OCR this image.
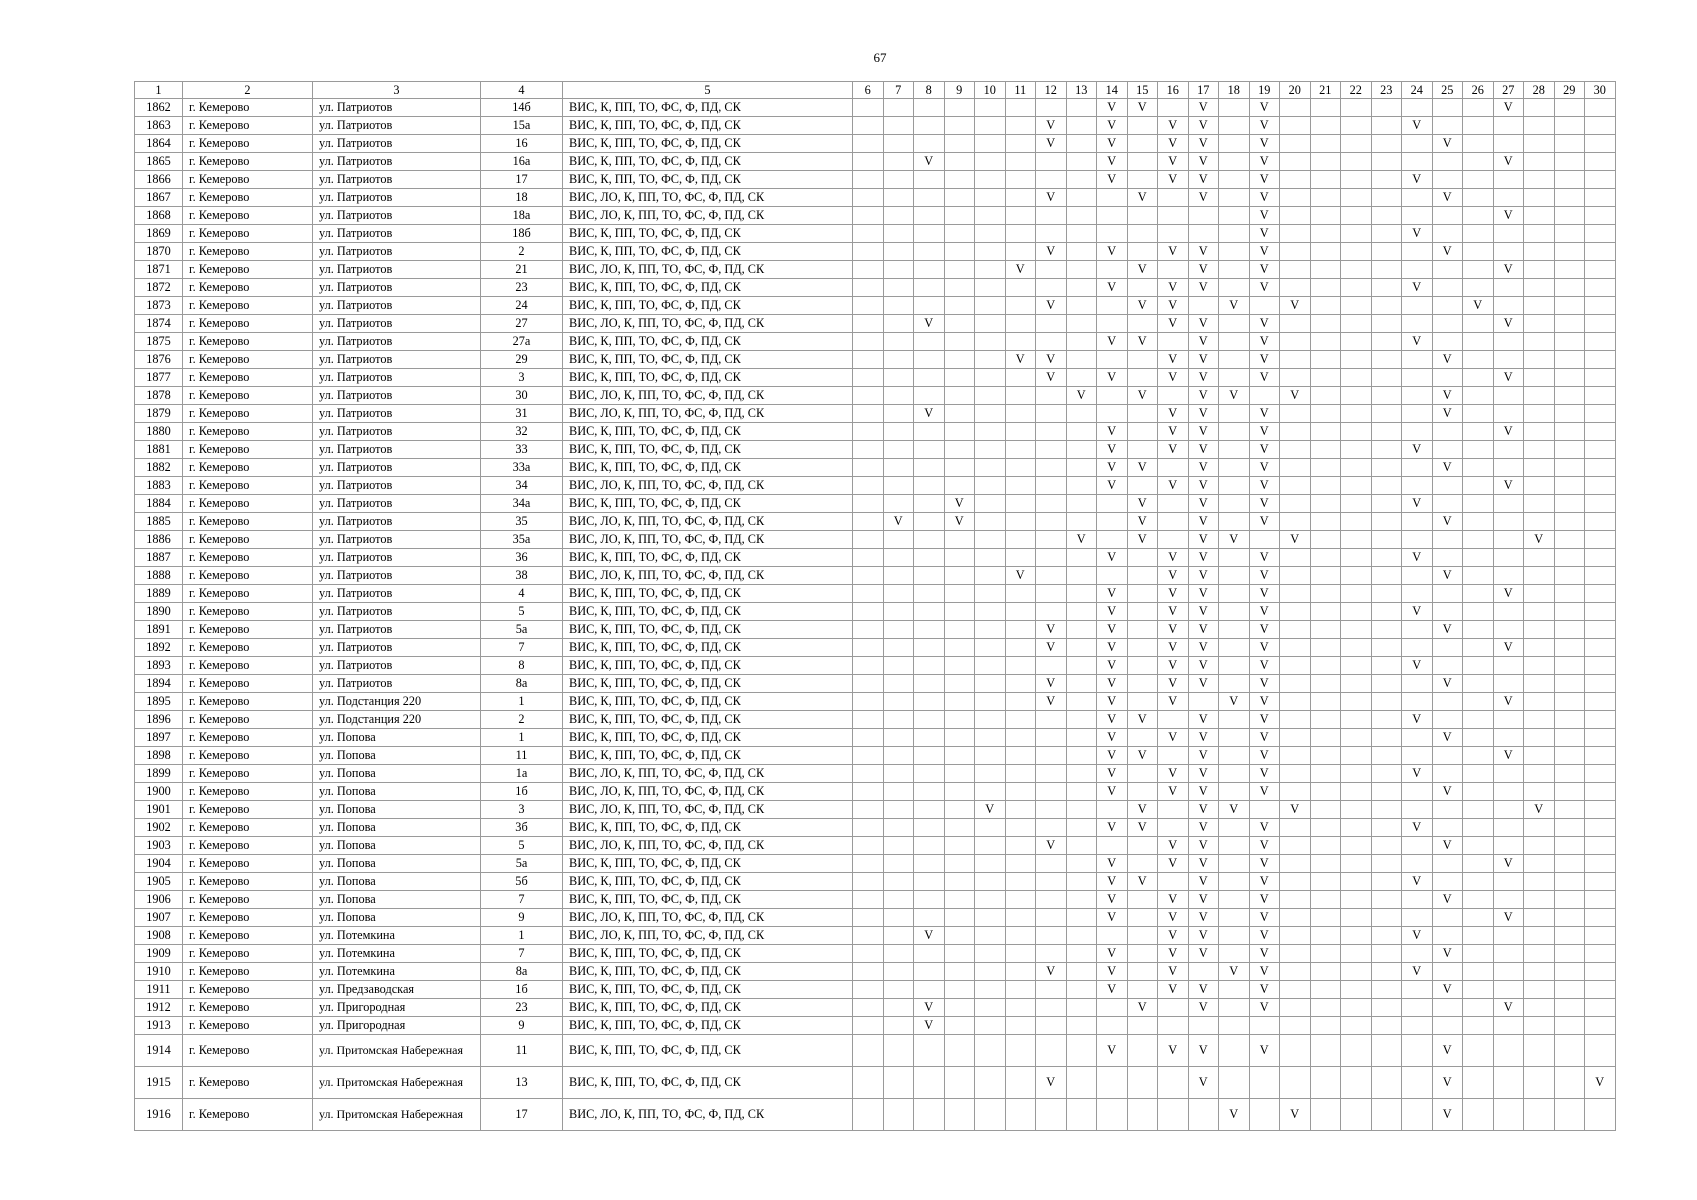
67
1	2	3	4	5	6	7	8	9	10	11	12	13	14	15	16	17	18	19	20	21	22	23	24	25	26	27	28	29	30
1862	г. Кемерово	ул. Патриотов	14б	ВИС, К, ПП, ТО, ФС, Ф, ПД, СК									V	V		V		V								V			
1863	г. Кемерово	ул. Патриотов	15а	ВИС, К, ПП, ТО, ФС, Ф, ПД, СК							V		V		V	V		V					V						
1864	г. Кемерово	ул. Патриотов	16	ВИС, К, ПП, ТО, ФС, Ф, ПД, СК							V		V		V	V		V						V					
1865	г. Кемерово	ул. Патриотов	16а	ВИС, К, ПП, ТО, ФС, Ф, ПД, СК			V						V		V	V		V								V			
1866	г. Кемерово	ул. Патриотов	17	ВИС, К, ПП, ТО, ФС, Ф, ПД, СК									V		V	V		V					V						
1867	г. Кемерово	ул. Патриотов	18	ВИС, ЛО, К, ПП, ТО, ФС, Ф, ПД, СК							V			V		V		V						V					
1868	г. Кемерово	ул. Патриотов	18а	ВИС, ЛО, К, ПП, ТО, ФС, Ф, ПД, СК														V								V			
1869	г. Кемерово	ул. Патриотов	18б	ВИС, К, ПП, ТО, ФС, Ф, ПД, СК														V					V						
1870	г. Кемерово	ул. Патриотов	2	ВИС, К, ПП, ТО, ФС, Ф, ПД, СК							V		V		V	V		V						V					
1871	г. Кемерово	ул. Патриотов	21	ВИС, ЛО, К, ПП, ТО, ФС, Ф, ПД, СК						V				V		V		V								V			
1872	г. Кемерово	ул. Патриотов	23	ВИС, К, ПП, ТО, ФС, Ф, ПД, СК									V		V	V		V					V						
1873	г. Кемерово	ул. Патриотов	24	ВИС, К, ПП, ТО, ФС, Ф, ПД, СК							V			V	V		V		V						V				
1874	г. Кемерово	ул. Патриотов	27	ВИС, ЛО, К, ПП, ТО, ФС, Ф, ПД, СК			V								V	V		V								V			
1875	г. Кемерово	ул. Патриотов	27а	ВИС, К, ПП, ТО, ФС, Ф, ПД, СК									V	V		V		V					V						
1876	г. Кемерово	ул. Патриотов	29	ВИС, К, ПП, ТО, ФС, Ф, ПД, СК						V	V				V	V		V						V					
1877	г. Кемерово	ул. Патриотов	3	ВИС, К, ПП, ТО, ФС, Ф, ПД, СК							V		V		V	V		V								V			
1878	г. Кемерово	ул. Патриотов	30	ВИС, ЛО, К, ПП, ТО, ФС, Ф, ПД, СК								V		V		V	V		V					V					
1879	г. Кемерово	ул. Патриотов	31	ВИС, ЛО, К, ПП, ТО, ФС, Ф, ПД, СК			V								V	V		V						V					
1880	г. Кемерово	ул. Патриотов	32	ВИС, К, ПП, ТО, ФС, Ф, ПД, СК									V		V	V		V								V			
1881	г. Кемерово	ул. Патриотов	33	ВИС, К, ПП, ТО, ФС, Ф, ПД, СК									V		V	V		V					V						
1882	г. Кемерово	ул. Патриотов	33а	ВИС, К, ПП, ТО, ФС, Ф, ПД, СК									V	V		V		V						V					
1883	г. Кемерово	ул. Патриотов	34	ВИС, ЛО, К, ПП, ТО, ФС, Ф, ПД, СК									V		V	V		V								V			
1884	г. Кемерово	ул. Патриотов	34а	ВИС, К, ПП, ТО, ФС, Ф, ПД, СК				V						V		V		V					V						
1885	г. Кемерово	ул. Патриотов	35	ВИС, ЛО, К, ПП, ТО, ФС, Ф, ПД, СК		V		V						V		V		V						V					
1886	г. Кемерово	ул. Патриотов	35а	ВИС, ЛО, К, ПП, ТО, ФС, Ф, ПД, СК								V		V		V	V		V								V		
1887	г. Кемерово	ул. Патриотов	36	ВИС, К, ПП, ТО, ФС, Ф, ПД, СК									V		V	V		V					V						
1888	г. Кемерово	ул. Патриотов	38	ВИС, ЛО, К, ПП, ТО, ФС, Ф, ПД, СК						V					V	V		V						V					
1889	г. Кемерово	ул. Патриотов	4	ВИС, К, ПП, ТО, ФС, Ф, ПД, СК									V		V	V		V								V			
1890	г. Кемерово	ул. Патриотов	5	ВИС, К, ПП, ТО, ФС, Ф, ПД, СК									V		V	V		V					V						
1891	г. Кемерово	ул. Патриотов	5а	ВИС, К, ПП, ТО, ФС, Ф, ПД, СК							V		V		V	V		V						V					
1892	г. Кемерово	ул. Патриотов	7	ВИС, К, ПП, ТО, ФС, Ф, ПД, СК							V		V		V	V		V								V			
1893	г. Кемерово	ул. Патриотов	8	ВИС, К, ПП, ТО, ФС, Ф, ПД, СК									V		V	V		V					V						
1894	г. Кемерово	ул. Патриотов	8а	ВИС, К, ПП, ТО, ФС, Ф, ПД, СК							V		V		V	V		V						V					
1895	г. Кемерово	ул. Подстанция 220	1	ВИС, К, ПП, ТО, ФС, Ф, ПД, СК							V		V		V		V	V								V			
1896	г. Кемерово	ул. Подстанция 220	2	ВИС, К, ПП, ТО, ФС, Ф, ПД, СК									V	V		V		V					V						
1897	г. Кемерово	ул. Попова	1	ВИС, К, ПП, ТО, ФС, Ф, ПД, СК									V		V	V		V						V					
1898	г. Кемерово	ул. Попова	11	ВИС, К, ПП, ТО, ФС, Ф, ПД, СК									V	V		V		V								V			
1899	г. Кемерово	ул. Попова	1а	ВИС, ЛО, К, ПП, ТО, ФС, Ф, ПД, СК									V		V	V		V					V						
1900	г. Кемерово	ул. Попова	1б	ВИС, ЛО, К, ПП, ТО, ФС, Ф, ПД, СК									V		V	V		V						V					
1901	г. Кемерово	ул. Попова	3	ВИС, ЛО, К, ПП, ТО, ФС, Ф, ПД, СК					V					V		V	V		V								V		
1902	г. Кемерово	ул. Попова	3б	ВИС, К, ПП, ТО, ФС, Ф, ПД, СК									V	V		V		V					V						
1903	г. Кемерово	ул. Попова	5	ВИС, ЛО, К, ПП, ТО, ФС, Ф, ПД, СК							V				V	V		V						V					
1904	г. Кемерово	ул. Попова	5а	ВИС, К, ПП, ТО, ФС, Ф, ПД, СК									V		V	V		V								V			
1905	г. Кемерово	ул. Попова	5б	ВИС, К, ПП, ТО, ФС, Ф, ПД, СК									V	V		V		V					V						
1906	г. Кемерово	ул. Попова	7	ВИС, К, ПП, ТО, ФС, Ф, ПД, СК									V		V	V		V						V					
1907	г. Кемерово	ул. Попова	9	ВИС, ЛО, К, ПП, ТО, ФС, Ф, ПД, СК									V		V	V		V								V			
1908	г. Кемерово	ул. Потемкина	1	ВИС, ЛО, К, ПП, ТО, ФС, Ф, ПД, СК			V								V	V		V					V						
1909	г. Кемерово	ул. Потемкина	7	ВИС, К, ПП, ТО, ФС, Ф, ПД, СК									V		V	V		V						V					
1910	г. Кемерово	ул. Потемкина	8а	ВИС, К, ПП, ТО, ФС, Ф, ПД, СК							V		V		V		V	V					V						
1911	г. Кемерово	ул. Предзаводская	1б	ВИС, К, ПП, ТО, ФС, Ф, ПД, СК									V		V	V		V						V					
1912	г. Кемерово	ул. Пригородная	23	ВИС, К, ПП, ТО, ФС, Ф, ПД, СК			V							V		V		V								V			
1913	г. Кемерово	ул. Пригородная	9	ВИС, К, ПП, ТО, ФС, Ф, ПД, СК			V																						
1914	г. Кемерово	ул. Притомская Набережная	11	ВИС, К, ПП, ТО, ФС, Ф, ПД, СК									V		V	V		V						V					
1915	г. Кемерово	ул. Притомская Набережная	13	ВИС, К, ПП, ТО, ФС, Ф, ПД, СК							V					V								V					V
1916	г. Кемерово	ул. Притомская Набережная	17	ВИС, ЛО, К, ПП, ТО, ФС, Ф, ПД, СК													V		V					V					
